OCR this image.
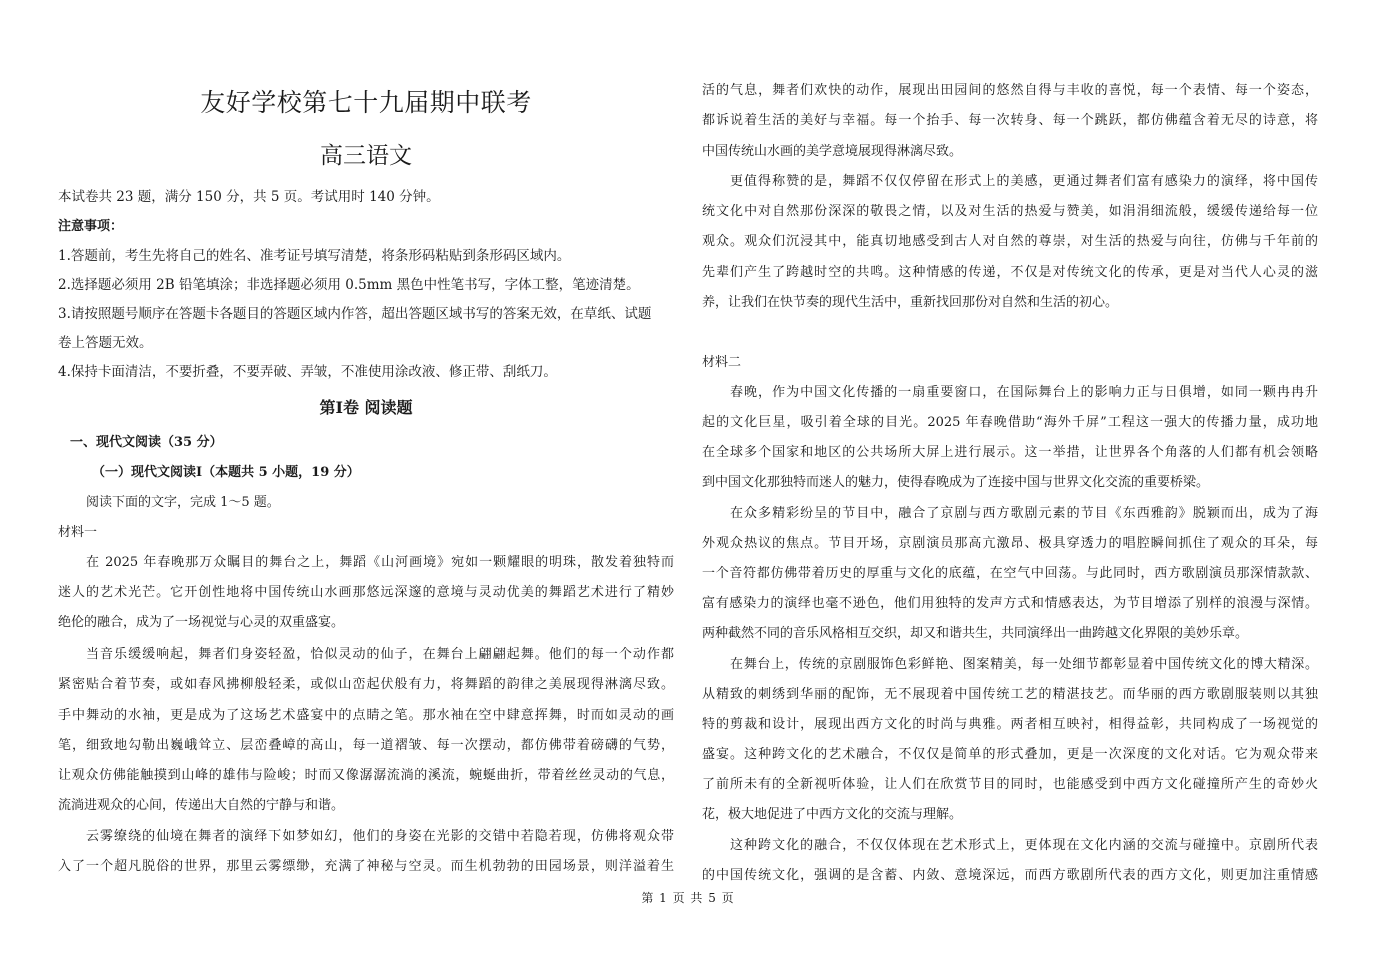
友好学校第七十九届期中联考
高三语文
本试卷共 23 题，满分 150 分，共 5 页。考试用时 140 分钟。
注意事项：
1.答题前，考生先将自己的姓名、准考证号填写清楚，将条形码粘贴到条形码区域内。
2.选择题必须用 2B 铅笔填涂；非选择题必须用 0.5mm 黑色中性笔书写，字体工整，笔迹清楚。
3.请按照题号顺序在答题卡各题目的答题区域内作答，超出答题区域书写的答案无效，在草纸、试题
卷上答题无效。
4.保持卡面清洁，不要折叠，不要弄破、弄皱，不准使用涂改液、修正带、刮纸刀。
第Ⅰ卷 阅读题
一、现代文阅读（35 分）
（一）现代文阅读Ⅰ（本题共 5 小题，19 分）
阅读下面的文字，完成 1～5 题。
材料一
在 2025 年春晚那万众瞩目的舞台之上，舞蹈《山河画境》宛如一颗耀眼的明珠，散发着独特而
迷人的艺术光芒。它开创性地将中国传统山水画那悠远深邃的意境与灵动优美的舞蹈艺术进行了精妙
绝伦的融合，成为了一场视觉与心灵的双重盛宴。
当音乐缓缓响起，舞者们身姿轻盈，恰似灵动的仙子，在舞台上翩翩起舞。他们的每一个动作都
紧密贴合着节奏，或如春风拂柳般轻柔，或似山峦起伏般有力，将舞蹈的韵律之美展现得淋漓尽致。
手中舞动的水袖，更是成为了这场艺术盛宴中的点睛之笔。那水袖在空中肆意挥舞，时而如灵动的画
笔，细致地勾勒出巍峨耸立、层峦叠嶂的高山，每一道褶皱、每一次摆动，都仿佛带着磅礴的气势，
让观众仿佛能触摸到山峰的雄伟与险峻；时而又像潺潺流淌的溪流，蜿蜒曲折，带着丝丝灵动的气息，
流淌进观众的心间，传递出大自然的宁静与和谐。
云雾缭绕的仙境在舞者的演绎下如梦如幻，他们的身姿在光影的交错中若隐若现，仿佛将观众带
入了一个超凡脱俗的世界，那里云雾缥缈，充满了神秘与空灵。而生机勃勃的田园场景，则洋溢着生
活的气息，舞者们欢快的动作，展现出田园间的悠然自得与丰收的喜悦，每一个表情、每一个姿态，
都诉说着生活的美好与幸福。每一个抬手、每一次转身、每一个跳跃，都仿佛蕴含着无尽的诗意，将
中国传统山水画的美学意境展现得淋漓尽致。
更值得称赞的是，舞蹈不仅仅停留在形式上的美感，更通过舞者们富有感染力的演绎，将中国传
统文化中对自然那份深深的敬畏之情，以及对生活的热爱与赞美，如涓涓细流般，缓缓传递给每一位
观众。观众们沉浸其中，能真切地感受到古人对自然的尊崇，对生活的热爱与向往，仿佛与千年前的
先辈们产生了跨越时空的共鸣。这种情感的传递，不仅是对传统文化的传承，更是对当代人心灵的滋
养，让我们在快节奏的现代生活中，重新找回那份对自然和生活的初心。
材料二
春晚，作为中国文化传播的一扇重要窗口，在国际舞台上的影响力正与日俱增，如同一颗冉冉升
起的文化巨星，吸引着全球的目光。2025 年春晚借助“海外千屏”工程这一强大的传播力量，成功地
在全球多个国家和地区的公共场所大屏上进行展示。这一举措，让世界各个角落的人们都有机会领略
到中国文化那独特而迷人的魅力，使得春晚成为了连接中国与世界文化交流的重要桥梁。
在众多精彩纷呈的节目中，融合了京剧与西方歌剧元素的节目《东西雅韵》脱颖而出，成为了海
外观众热议的焦点。节目开场，京剧演员那高亢激昂、极具穿透力的唱腔瞬间抓住了观众的耳朵，每
一个音符都仿佛带着历史的厚重与文化的底蕴，在空气中回荡。与此同时，西方歌剧演员那深情款款、
富有感染力的演绎也毫不逊色，他们用独特的发声方式和情感表达，为节目增添了别样的浪漫与深情。
两种截然不同的音乐风格相互交织，却又和谐共生，共同演绎出一曲跨越文化界限的美妙乐章。
在舞台上，传统的京剧服饰色彩鲜艳、图案精美，每一处细节都彰显着中国传统文化的博大精深。
从精致的刺绣到华丽的配饰，无不展现着中国传统工艺的精湛技艺。而华丽的西方歌剧服装则以其独
特的剪裁和设计，展现出西方文化的时尚与典雅。两者相互映衬，相得益彰，共同构成了一场视觉的
盛宴。这种跨文化的艺术融合，不仅仅是简单的形式叠加，更是一次深度的文化对话。它为观众带来
了前所未有的全新视听体验，让人们在欣赏节目的同时，也能感受到中西方文化碰撞所产生的奇妙火
花，极大地促进了中西方文化的交流与理解。
这种跨文化的融合，不仅仅体现在艺术形式上，更体现在文化内涵的交流与碰撞中。京剧所代表
的中国传统文化，强调的是含蓄、内敛、意境深远，而西方歌剧所代表的西方文化，则更加注重情感
第 1 页 共 5 页
